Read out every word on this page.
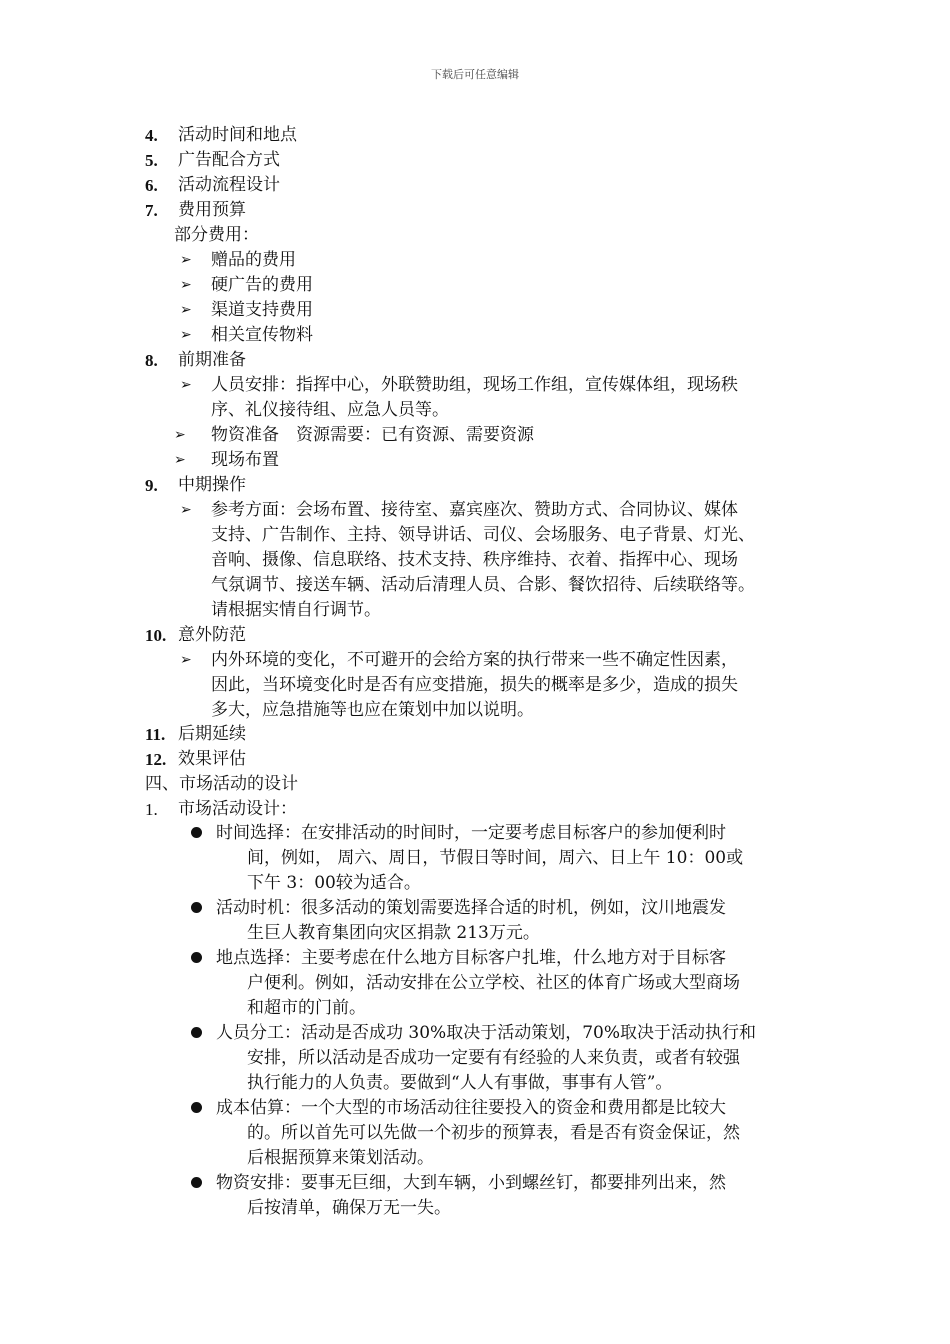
下载后可任意编辑
4.	活动时间和地点
5.	广告配合方式
6.	活动流程设计
7.	费用预算
部分费用：
➢ 赠品的费用
➢ 硬广告的费用
➢ 渠道支持费用
➢ 相关宣传物料
8.	前期准备
➢ 人员安排：指挥中心，外联赞助组，现场工作组，宣传媒体组，现场秩
序、礼仪接待组、应急人员等。
➢ 物资准备　资源需要：已有资源、需要资源
➢ 现场布置
9.	中期操作
➢ 参考方面：会场布置、接待室、嘉宾座次、赞助方式、合同协议、媒体
支持、广告制作、主持、领导讲话、司仪、会场服务、电子背景、灯光、
音响、摄像、信息联络、技术支持、秩序维持、衣着、指挥中心、现场
气氛调节、接送车辆、活动后清理人员、合影、餐饮招待、后续联络等。
请根据实情自行调节。
10. 意外防范
➢ 内外环境的变化，不可避开的会给方案的执行带来一些不确定性因素，
因此，当环境变化时是否有应变措施，损失的概率是多少，造成的损失
多大，应急措施等也应在策划中加以说明。
11. 后期延续
12. 效果评估
四、市场活动的设计
1.	市场活动设计：
时间选择：在安排活动的时间时，一定要考虑目标客户的参加便利时
间，例如， 周六、周日，节假日等时间，周六、日上午 10：00或
下午 3：00较为适合。
活动时机：很多活动的策划需要选择合适的时机，例如，汶川地震发
生巨人教育集团向灾区捐款 213万元。
地点选择：主要考虑在什么地方目标客户扎堆，什么地方对于目标客
户便利。例如，活动安排在公立学校、社区的体育广场或大型商场
和超市的门前。
人员分工：活动是否成功 30%取决于活动策划，70%取决于活动执行和
安排，所以活动是否成功一定要有有经验的人来负责，或者有较强
执行能力的人负责。要做到“人人有事做，事事有人管”。
成本估算：一个大型的市场活动往往要投入的资金和费用都是比较大
的。所以首先可以先做一个初步的预算表，看是否有资金保证，然
后根据预算来策划活动。
物资安排：要事无巨细，大到车辆，小到螺丝钉，都要排列出来，然
后按清单，确保万无一失。
